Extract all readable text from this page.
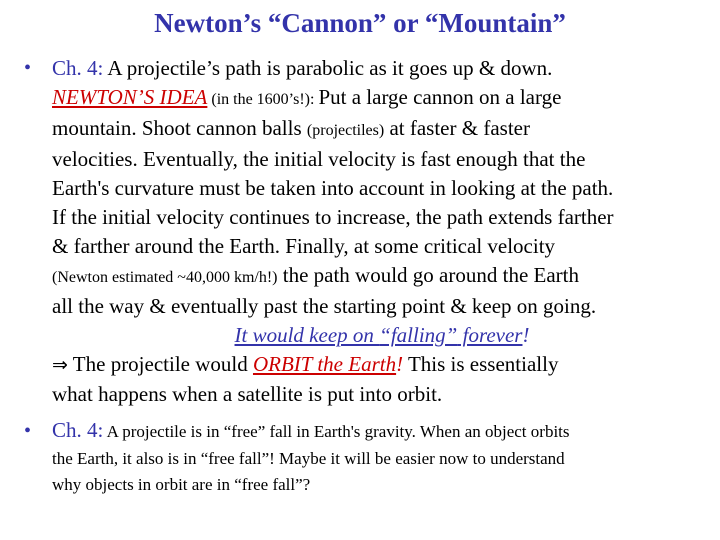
Newton’s “Cannon” or “Mountain”
• Ch. 4: A projectile’s path is parabolic as it goes up & down.
NEWTON’S IDEA (in the 1600’s!): Put a large cannon on a large
mountain. Shoot cannon balls (projectiles) at faster & faster
velocities. Eventually, the initial velocity is fast enough that the
Earth's curvature must be taken into account in looking at the path.
If the initial velocity continues to increase, the path extends farther
& farther around the Earth. Finally, at some critical velocity
(Newton estimated ~40,000 km/h!) the path would go around the Earth
all the way & eventually past the starting point & keep on going.
It would keep on “falling” forever!
⇒ The projectile would ORBIT the Earth! This is essentially
what happens when a satellite is put into orbit.
• Ch. 4: A projectile is in “free” fall in Earth's gravity. When an object orbits
the Earth, it also is in “free fall”! Maybe it will be easier now to understand
why objects in orbit are in “free fall”?
